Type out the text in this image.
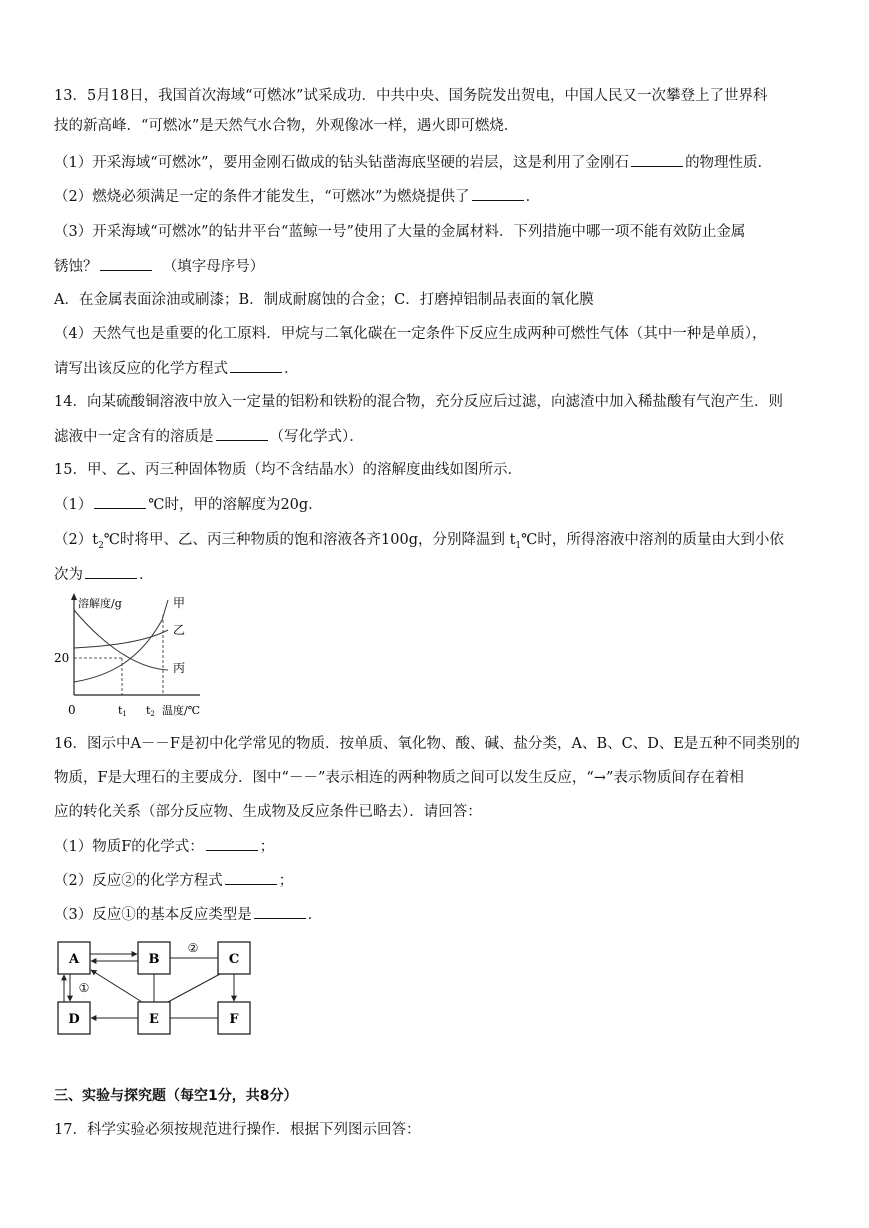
13．5月18日，我国首次海域“可燃冰”试采成功．中共中央、国务院发出贺电，中国人民又一次攀登上了世界科
技的新高峰．“可燃冰”是天然气水合物，外观像冰一样，遇火即可燃烧．
（1）开采海域“可燃冰”，要用金刚石做成的钻头钻凿海底坚硬的岩层，这是利用了金刚石	的物理性质．
（2）燃烧必须满足一定的条件才能发生，“可燃冰”为燃烧提供了	．
（3）开采海域“可燃冰”的钻井平台“蓝鲸一号”使用了大量的金属材料．下列措施中哪一项不能有效防止金属
锈蚀？	（填字母序号）
A．在金属表面涂油或刷漆；B．制成耐腐蚀的合金；C．打磨掉铝制品表面的氧化膜
（4）天然气也是重要的化工原料．甲烷与二氧化碳在一定条件下反应生成两种可燃性气体（其中一种是单质），
请写出该反应的化学方程式	．
14．向某硫酸铜溶液中放入一定量的铝粉和铁粉的混合物，充分反应后过滤，向滤渣中加入稀盐酸有气泡产生．则
滤液中一定含有的溶质是	（写化学式）．
15．甲、乙、丙三种固体物质（均不含结晶水）的溶解度曲线如图所示．
（1）	℃时，甲的溶解度为20g．
$(2)t_2℃$时将甲、乙、丙三种物质的饱和溶液各齐100g，分别降温到 $t_1℃$时，所得溶液中溶剂的质量由大到小依
次为	．
溶解度/g	甲
乙
丙
20
0	t1 t2 温度/℃
16．图示中A－－F是初中化学常见的物质．按单质、氧化物、酸、碱、盐分类，A、B、C、D、E是五种不同类别的
物质，F是大理石的主要成分．图中“－－”表示相连的两种物质之间可以发生反应，“→”表示物质间存在着相
应的转化关系（部分反应物、生成物及反应条件已略去）．请回答：
（1）物质F的化学式：	；
（2）反应②的化学方程式	；
（3）反应①的基本反应类型是	．
A	B	C
D	E	F
②
①
三、实验与探究题（每空1分，共8分）
17．科学实验必须按规范进行操作．根据下列图示回答：
